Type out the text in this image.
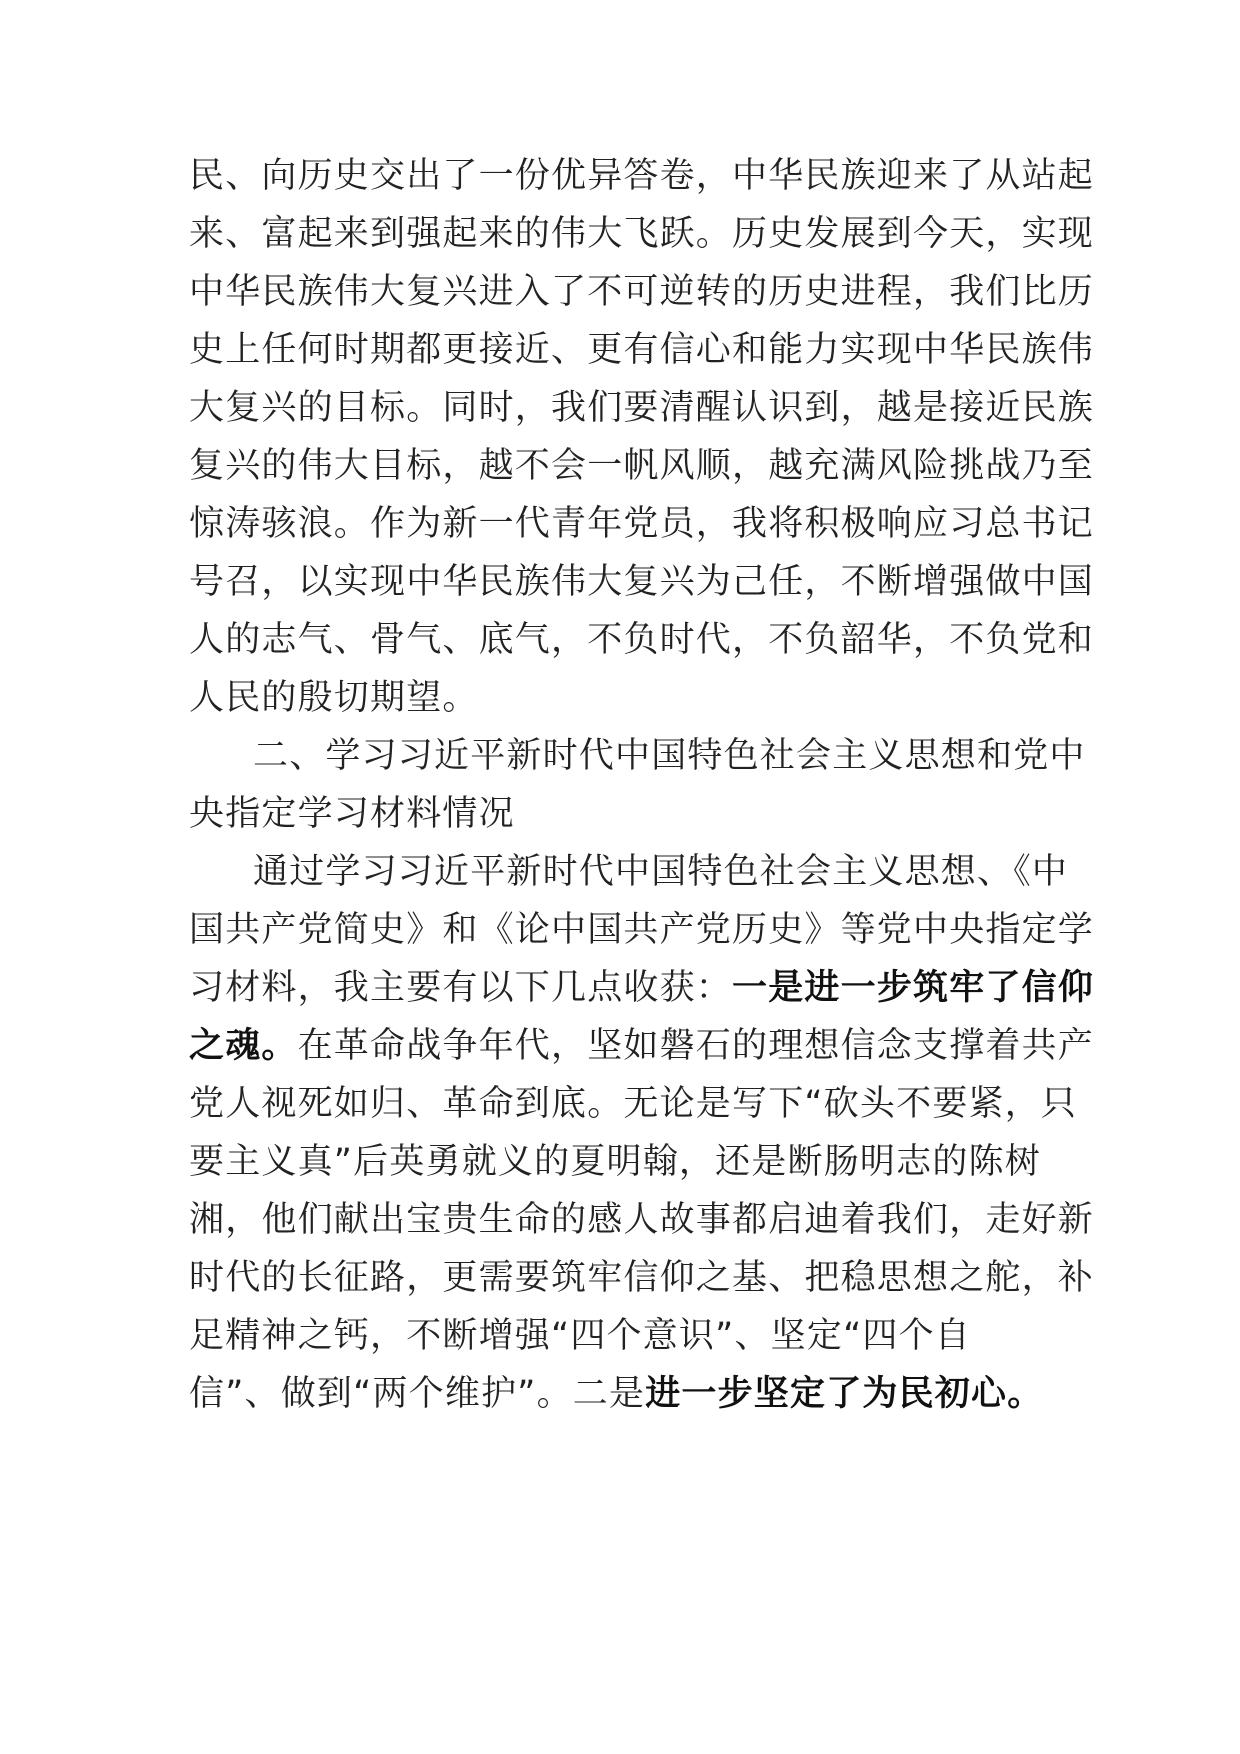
民、向历史交出了一份优异答卷，中华民族迎来了从站起
来、富起来到强起来的伟大飞跃。历史发展到今天，实现
中华民族伟大复兴进入了不可逆转的历史进程，我们比历
史上任何时期都更接近、更有信心和能力实现中华民族伟
大复兴的目标。同时，我们要清醒认识到，越是接近民族
复兴的伟大目标，越不会一帆风顺，越充满风险挑战乃至
惊涛骇浪。作为新一代青年党员，我将积极响应习总书记
号召，以实现中华民族伟大复兴为己任，不断增强做中国
人的志气、骨气、底气，不负时代，不负韶华，不负党和
人民的殷切期望。
二、学习习近平新时代中国特色社会主义思想和党中
央指定学习材料情况
通过学习习近平新时代中国特色社会主义思想、《中
国共产党简史》和《论中国共产党历史》等党中央指定学
习材料，我主要有以下几点收获：一是进一步筑牢了信仰
之魂。在革命战争年代，坚如磐石的理想信念支撑着共产
党人视死如归、革命到底。无论是写下“砍头不要紧，只
要主义真”后英勇就义的夏明翰，还是断肠明志的陈树
湘，他们献出宝贵生命的感人故事都启迪着我们，走好新
时代的长征路，更需要筑牢信仰之基、把稳思想之舵，补
足精神之钙，不断增强“四个意识”、坚定“四个自
信”、做到“两个维护”。二是进一步坚定了为民初心。
